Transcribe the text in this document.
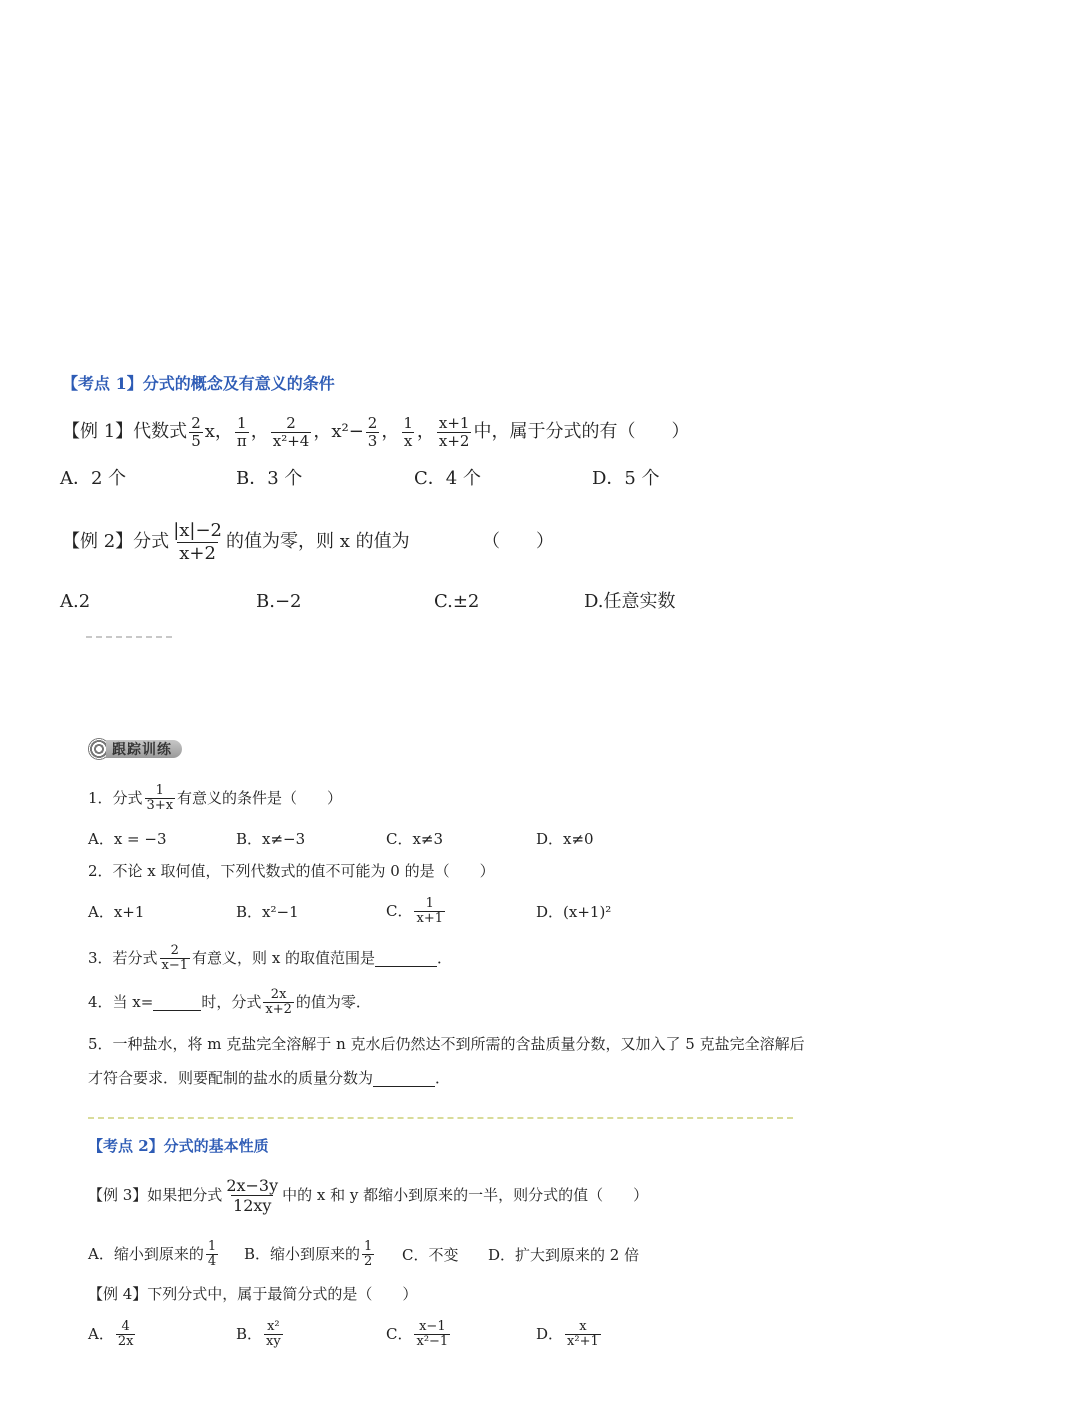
【考点 1】分式的概念及有意义的条件
【例 1】代数式 $\frac{2}{5}$ x， $\frac{1}{\pi}$ ， $\frac{2}{\text{x²+4}}$ ，$x^2- \frac{2}{3}$ ， $\frac{1}{x}$ ， $\frac{x+1}{x+2}$ 中，属于分式的有（　　）
A．2 个	B．3 个	C．4 个	D．5 个
【例 2】分式 $\frac{|x|-2}{x+2}$ 的值为零，则 x 的值为	（　　）
A.2	B.−2	C.±2	D.任意实数
跟踪训练
1．分式 $\frac{1}{3+x}$ 有意义的条件是（　　）
A．x = −3	B．x≠−3	C．x≠3	D．x≠0
2．不论 x 取何值，下列代数式的值不可能为 0 的是（　　）
A．x+1	B．x²−1	C． $\frac{1}{x+1}$	D．(x+1)²
3．若分式 $\frac{2}{x-1}$ 有意义，则 x 的取值范围是	．
4．当 x=	时，分式 $\frac{2x}{x+2}$ 的值为零．
5．一种盐水，将 m 克盐完全溶解于 n 克水后仍然达不到所需的含盐质量分数，又加入了 5 克盐完全溶解后
才符合要求．则要配制的盐水的质量分数为	．
【考点 2】分式的基本性质
【例 3】如果把分式 $\frac{2x-3y}{12xy}$ 中的 x 和 y 都缩小到原来的一半，则分式的值（　　）
A．缩小到原来的 $\frac{1}{4}$ B．缩小到原来的 $\frac{1}{2}$ C．不变 D．扩大到原来的 2 倍
【例 4】下列分式中，属于最简分式的是（　　）
A． $\frac{4}{2x}$	B． $\frac{\text{x²}}{xy}$	C． $\frac{x-1}{\text{x²−1}}$	D． $\frac{x}{\text{x²+1}}$
